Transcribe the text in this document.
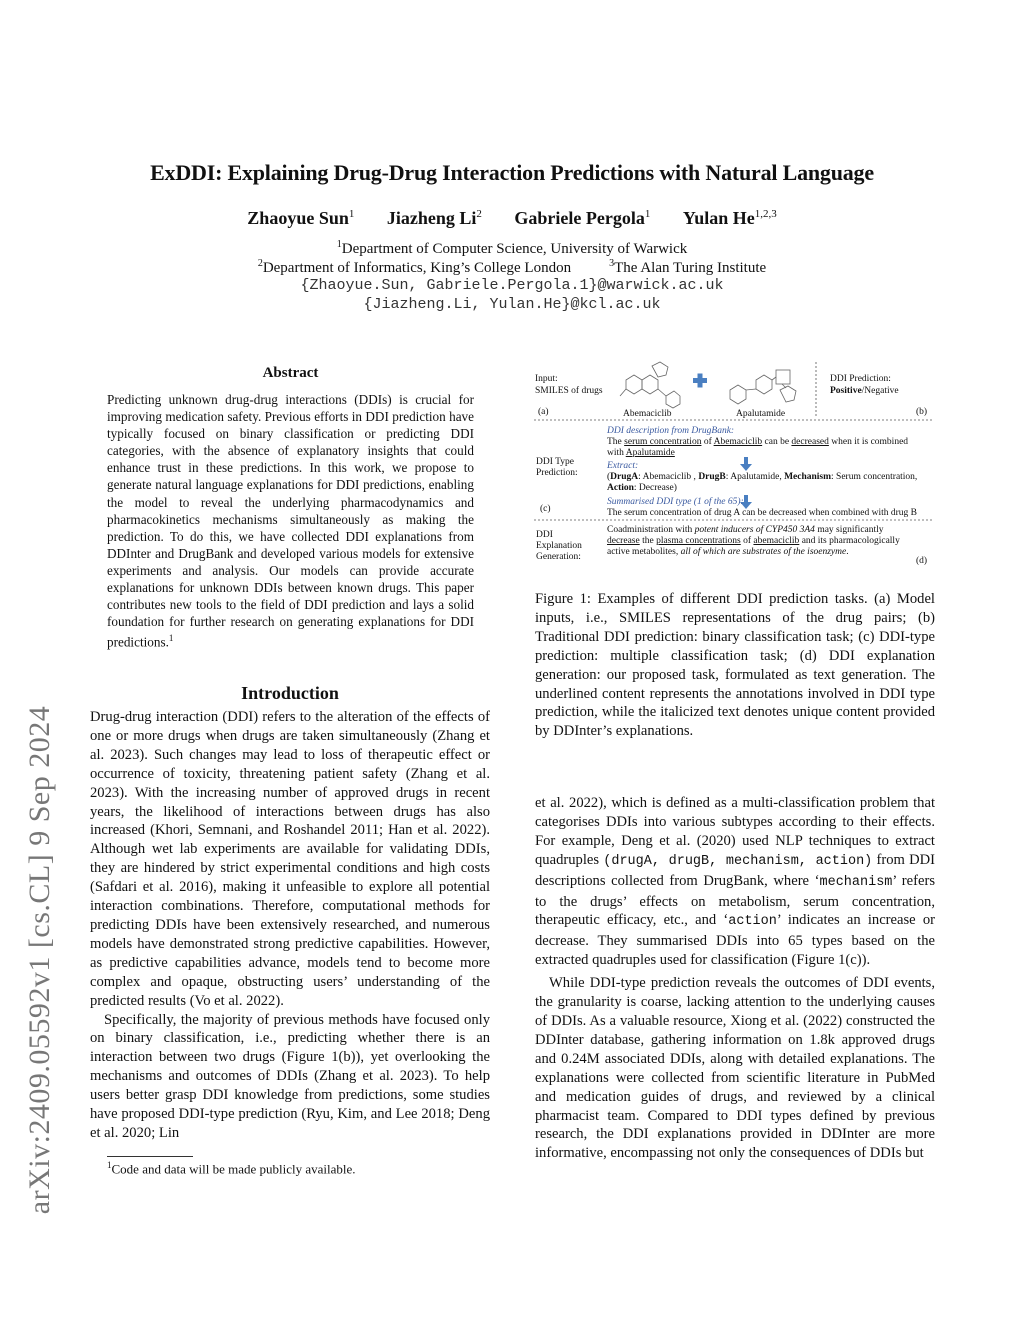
arXiv:2409.05592v1 [cs.CL] 9 Sep 2024
ExDDI: Explaining Drug-Drug Interaction Predictions with Natural Language
Zhaoyue Sun$^1$ Jiazheng Li$^2$ Gabriele Pergola$^1$ Yulan He$^{1,2,3}$
$^1$Department of Computer Science, University of Warwick
$^2$Department of Informatics, King’s College London	$^3$The Alan Turing Institute
{Zhaoyue.Sun, Gabriele.Pergola.1}@warwick.ac.uk
{Jiazheng.Li, Yulan.He}@kcl.ac.uk
Abstract
Predicting unknown drug-drug interactions (DDIs) is crucial for improving medication safety. Previous efforts in DDI prediction have typically focused on binary classification or predicting DDI categories, with the absence of explanatory insights that could enhance trust in these predictions. In this work, we propose to generate natural language explanations for DDI predictions, enabling the model to reveal the underlying pharmacodynamics and pharmacokinetics mechanisms simultaneously as making the prediction. To do this, we have collected DDI explanations from DDInter and DrugBank and developed various models for extensive experiments and analysis. Our models can provide accurate explanations for unknown DDIs between known drugs. This paper contributes new tools to the field of DDI prediction and lays a solid foundation for further research on generating explanations for DDI predictions.$^1$
Introduction

Drug-drug interaction (DDI) refers to the alteration of the effects of one or more drugs when drugs are taken simultaneously (Zhang et al. 2023). Such changes may lead to loss of therapeutic effect or occurrence of toxicity, threatening patient safety (Zhang et al. 2023). With the increasing number of approved drugs in recent years, the likelihood of interactions between drugs has also increased (Khori, Semnani, and Roshandel 2011; Han et al. 2022). Although wet lab experiments are available for validating DDIs, they are hindered by strict experimental conditions and high costs (Safdari et al. 2016), making it unfeasible to explore all potential interaction combinations. Therefore, computational methods for predicting DDIs have been extensively researched, and numerous models have demonstrated strong predictive capabilities. However, as predictive capabilities advance, models tend to become more complex and opaque, obstructing users’ understanding of the predicted results (Vo et al. 2022).

Specifically, the majority of previous methods have focused only on binary classification, i.e., predicting whether there is an interaction between two drugs (Figure 1(b)), yet overlooking the mechanisms and outcomes of DDIs (Zhang et al. 2023). To help users better grasp DDI knowledge from predictions, some studies have proposed DDI-type prediction (Ryu, Kim, and Lee 2018; Deng et al. 2020; Lin

$^1$Code and data will be made publicly available.
Input:
SMILES of drugs
(a)	Abemaciclib	Apalutamide
DDI Prediction:
Positive/Negative
(b)
DDI Type Prediction:
(c)
DDI description from DrugBank:
The serum concentration of Abemaciclib can be decreased when it is combined with Apalutamide
Extract:
(DrugA: Abemaciclib , DrugB: Apalutamide, Mechanism: Serum concentration,
Action: Decrease)
Summarised DDI type (1 of the 65):
The serum concentration of drug A can be decreased when combined with drug B
DDI Explanation Generation:
Coadministration with potent inducers of CYP450 3A4 may significantly decrease the plasma concentrations of abemaciclib and its pharmacologically active metabolites, all of which are substrates of the isoenzyme.
(d)
Figure 1: Examples of different DDI prediction tasks. (a) Model inputs, i.e., SMILES representations of the drug pairs; (b) Traditional DDI prediction: binary classification task; (c) DDI-type prediction: multiple classification task; (d) DDI explanation generation: our proposed task, formulated as text generation. The underlined content represents the annotations involved in DDI type prediction, while the italicized text denotes unique content provided by DDInter’s explanations.

et al. 2022), which is defined as a multi-classification problem that categorises DDIs into various subtypes according to their effects. For example, Deng et al. (2020) used NLP techniques to extract quadruples (drugA, drugB, mechanism, action) from DDI descriptions collected from DrugBank, where ‘mechanism’ refers to the drugs’ effects on metabolism, serum concentration, therapeutic efficacy, etc., and ‘action’ indicates an increase or decrease. They summarised DDIs into 65 types based on the extracted quadruples used for classification (Figure 1(c)).

While DDI-type prediction reveals the outcomes of DDI events, the granularity is coarse, lacking attention to the underlying causes of DDIs. As a valuable resource, Xiong et al. (2022) constructed the DDInter database, gathering information on 1.8k approved drugs and 0.24M associated DDIs, along with detailed explanations. The explanations were collected from scientific literature in PubMed and medication guides of drugs, and reviewed by a clinical pharmacist team. Compared to DDI types defined by previous research, the DDI explanations provided in DDInter are more informative, encompassing not only the consequences of DDIs but
